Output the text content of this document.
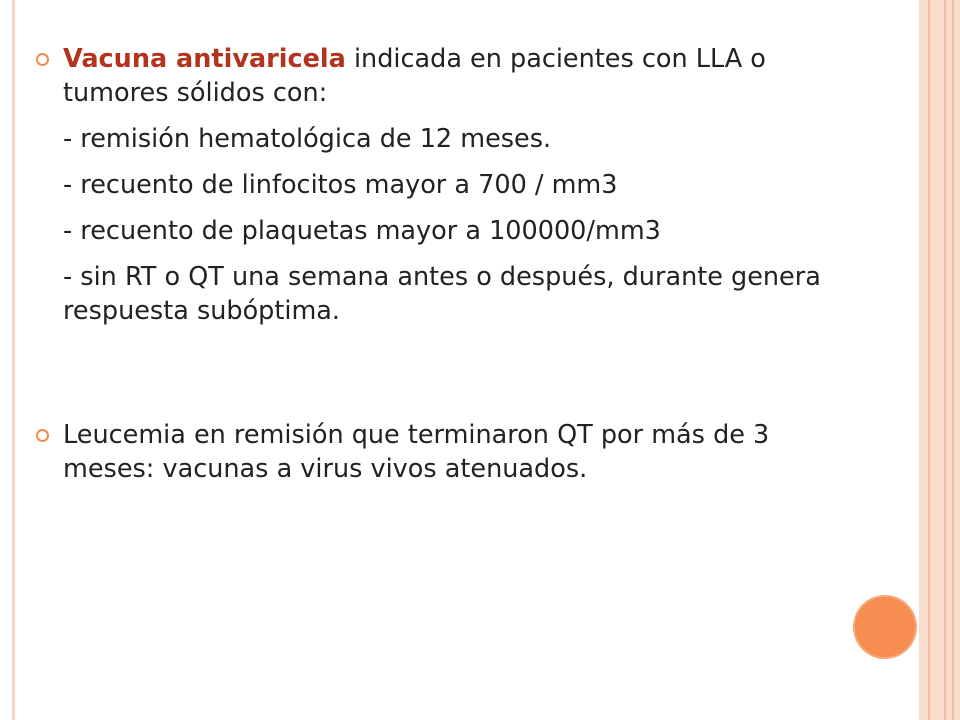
Vacuna antivaricela indicada en pacientes con LLA o tumores sólidos con:
- remisión hematológica de 12 meses.
- recuento de linfocitos mayor a 700 / mm3
- recuento de plaquetas mayor a 100000/mm3
- sin RT o QT una semana antes o después, durante genera respuesta subóptima.
Leucemia en remisión que terminaron QT por más de 3 meses: vacunas a virus vivos atenuados.
